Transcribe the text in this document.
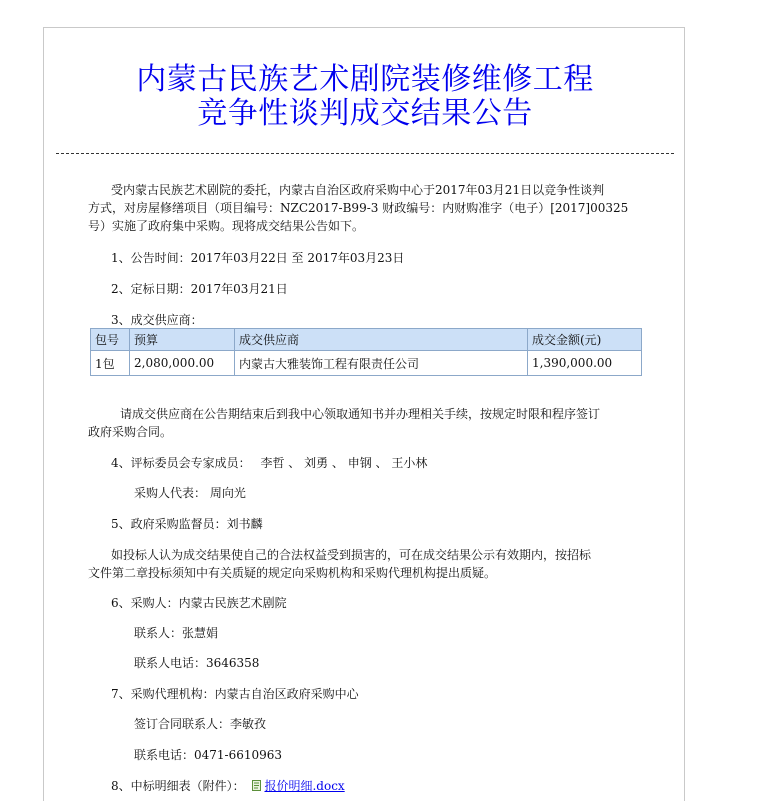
内蒙古民族艺术剧院装修维修工程
竞争性谈判成交结果公告
受内蒙古民族艺术剧院的委托，内蒙古自治区政府采购中心于2017年03月21日以竞争性谈判
方式，对房屋修缮项目（项目编号：NZC2017-B99-3 财政编号：内财购准字（电子）[2017]00325
号）实施了政府集中采购。现将成交结果公告如下。
1、公告时间：2017年03月22日 至 2017年03月23日
2、定标日期：2017年03月21日
3、成交供应商：
包号	预算	成交供应商	成交金额(元)
1包	2,080,000.00	内蒙古大雅装饰工程有限责任公司	1,390,000.00
请成交供应商在公告期结束后到我中心领取通知书并办理相关手续，按规定时限和程序签订
政府采购合同。
4、评标委员会专家成员： 李哲 、 刘勇 、 申钢 、 王小林
采购人代表： 周向光
5、政府采购监督员：刘书麟
如投标人认为成交结果使自己的合法权益受到损害的，可在成交结果公示有效期内，按招标
文件第二章投标须知中有关质疑的规定向采购机构和采购代理机构提出质疑。
6、采购人：内蒙古民族艺术剧院
联系人：张慧娟
联系人电话：3646358
7、采购代理机构：内蒙古自治区政府采购中心
签订合同联系人：李敏孜
联系电话：0471-6610963
8、中标明细表（附件）： 报价明细.docx
